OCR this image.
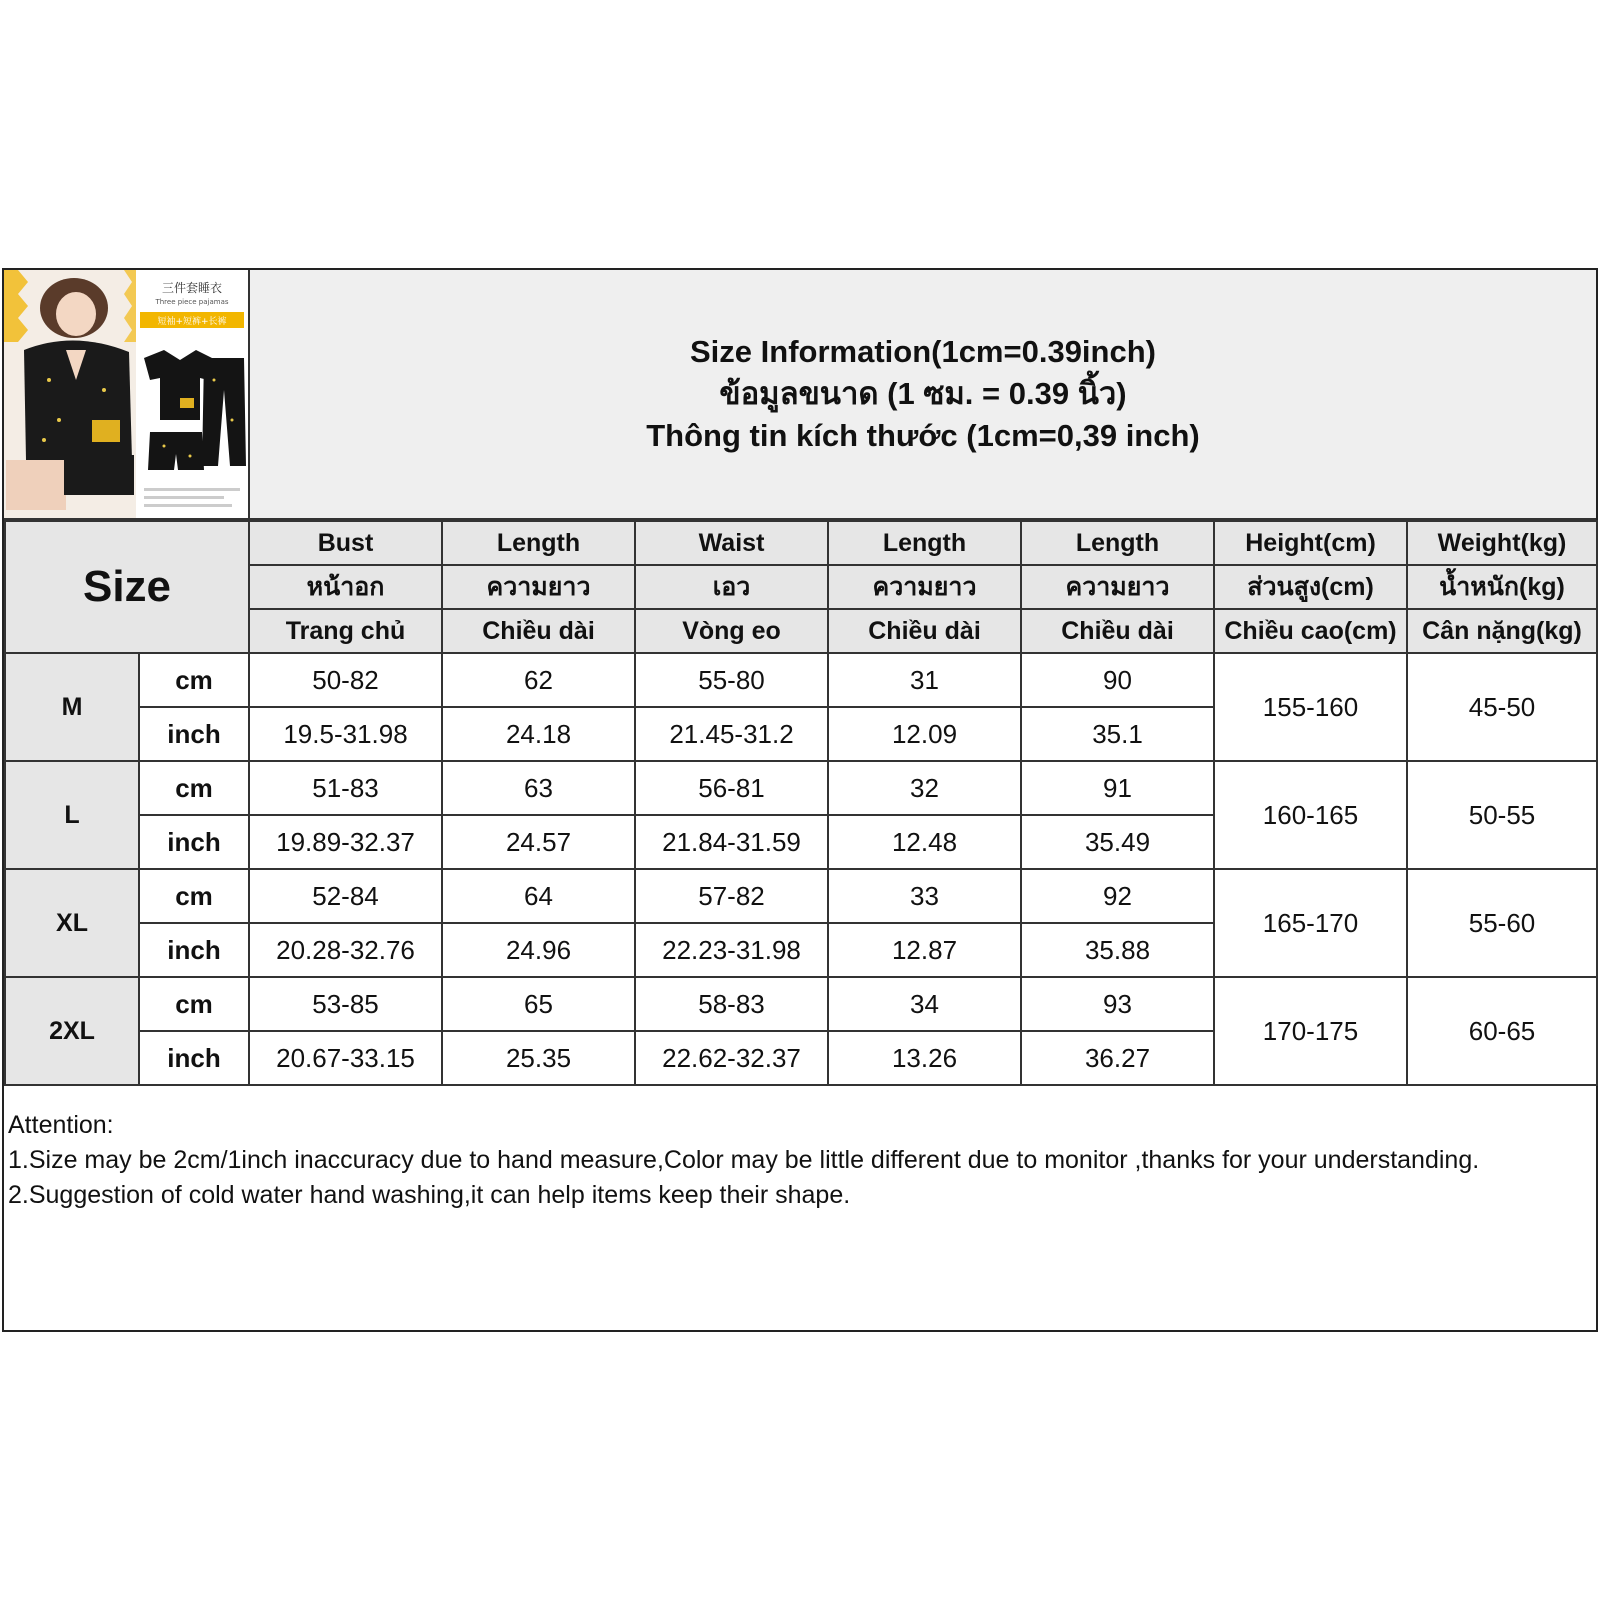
三件套睡衣
Three piece pajamas
短袖+短裤+长裤
Size Information(1cm=0.39inch)
ข้อมูลขนาด (1 ซม. = 0.39 นิ้ว)
Thông tin kích thước (1cm=0,39 inch)
Size		Bust	Length	Waist	Length	Length	Height(cm)	Weight(kg)
		หน้าอก	ความยาว	เอว	ความยาว	ความยาว	ส่วนสูง(cm)	น้ำหนัก(kg)
		Trang chủ	Chiều dài	Vòng eo	Chiều dài	Chiều dài	Chiều cao(cm)	Cân nặng(kg)
M	cm	50-82	62	55-80	31	90	155-160	45-50
	inch	19.5-31.98	24.18	21.45-31.2	12.09	35.1		
L	cm	51-83	63	56-81	32	91	160-165	50-55
	inch	19.89-32.37	24.57	21.84-31.59	12.48	35.49		
XL	cm	52-84	64	57-82	33	92	165-170	55-60
	inch	20.28-32.76	24.96	22.23-31.98	12.87	35.88		
2XL	cm	53-85	65	58-83	34	93	170-175	60-65
	inch	20.67-33.15	25.35	22.62-32.37	13.26	36.27		
Attention:
1.Size may be 2cm/1inch inaccuracy due to hand measure,Color may be little different due to monitor ,thanks for your understanding.
2.Suggestion of cold water hand washing,it can help items keep their shape.
